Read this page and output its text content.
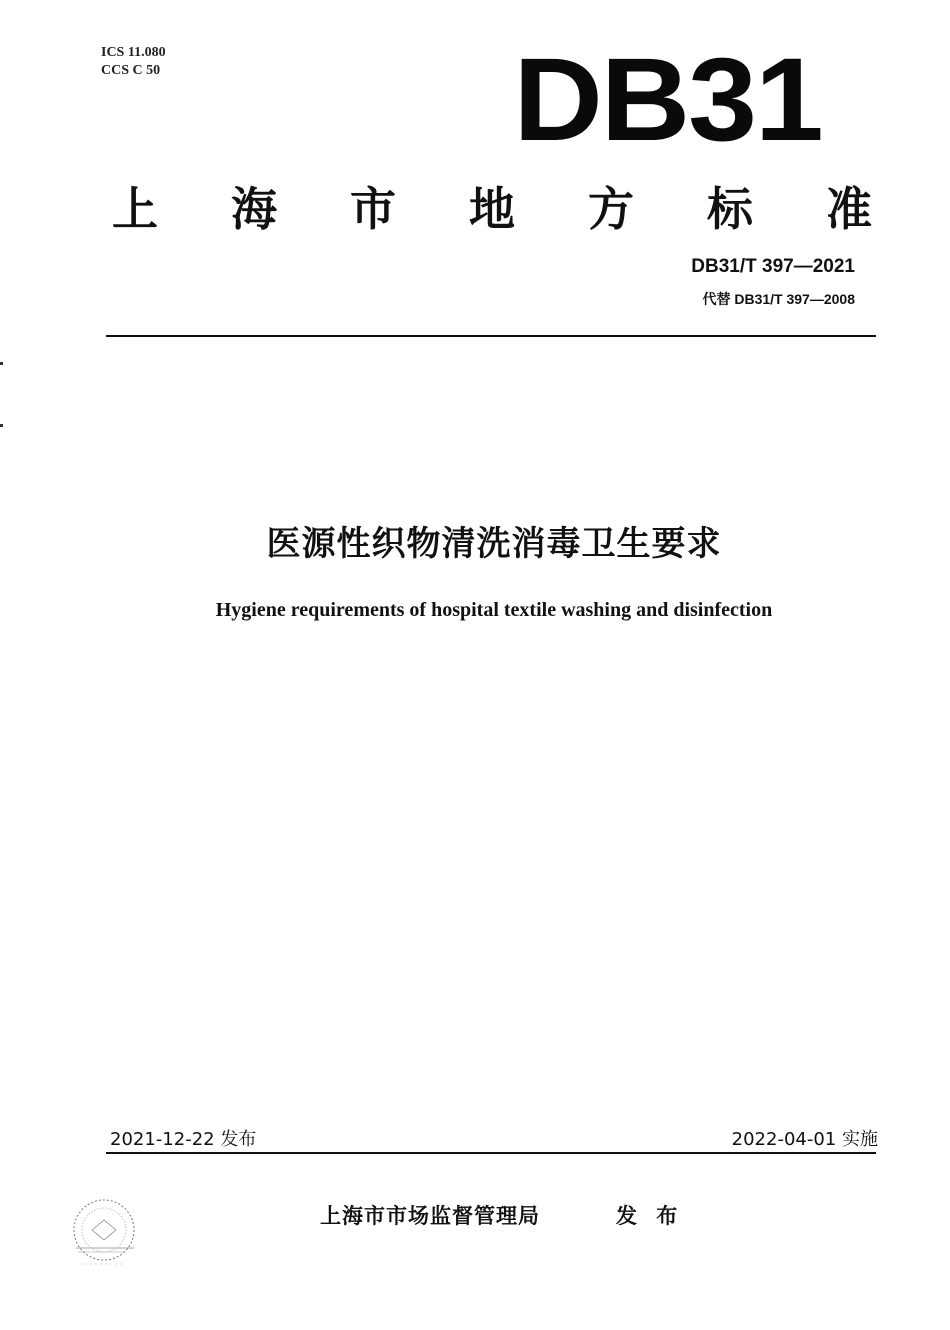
ICS 11.080
CCS C 50	DB31
上 海 市 地 方 标 准
DB31/T 397—2021
代替 DB31/T 397—2008
医源性织物清洗消毒卫生要求
Hygiene requirements of hospital textile washing and disinfection
2021-12-22 发布	2022-04-01 实施
上海市市场监督管理局	发 布
